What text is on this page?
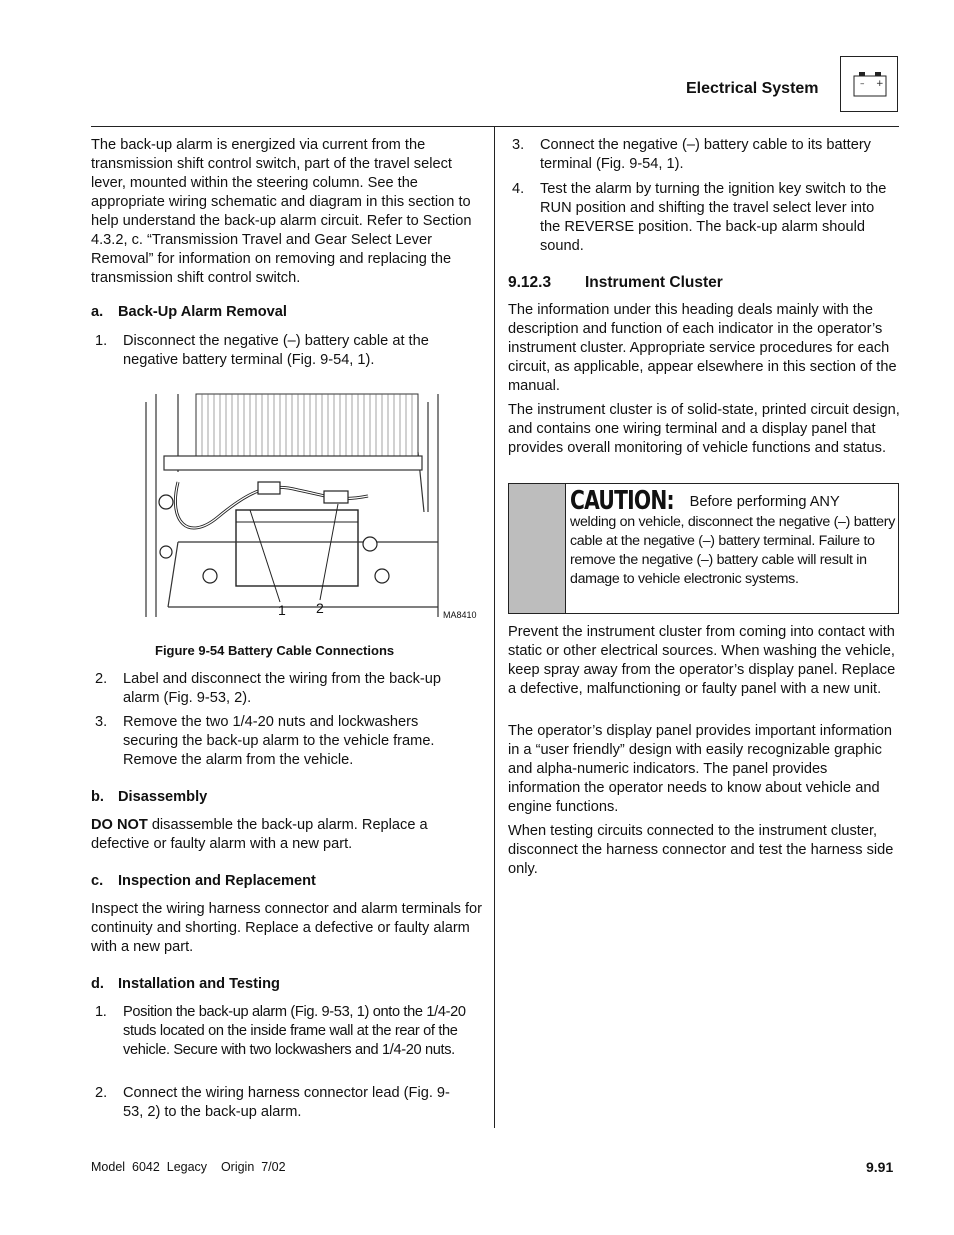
Electrical System	– +

The back-up alarm is energized via current from the transmission shift control switch, part of the travel select lever, mounted within the steering column. See the appropriate wiring schematic and diagram in this section to help understand the back-up alarm circuit. Refer to Section 4.3.2, c. “Transmission Travel and Gear Select Lever Removal” for information on removing and replacing the transmission shift control switch.

a. Back-Up Alarm Removal
1.	Disconnect the negative (–) battery cable at the negative battery terminal (Fig. 9-54, 1).
1 2	MA8410
Figure 9-54 Battery Cable Connections
2.	Label and disconnect the wiring from the back-up alarm (Fig. 9-53, 2).
3.	Remove the two 1/4-20 nuts and lockwashers securing the back-up alarm to the vehicle frame. Remove the alarm from the vehicle.
b. Disassembly

DO NOT disassemble the back-up alarm. Replace a defective or faulty alarm with a new part.

c. Inspection and Replacement

Inspect the wiring harness connector and alarm terminals for continuity and shorting. Replace a defective or faulty alarm with a new part.

d. Installation and Testing
1.	Position the back-up alarm (Fig. 9-53, 1) onto the 1/4-20 studs located on the inside frame wall at the rear of the vehicle. Secure with two lockwashers and 1/4-20 nuts.
2.	Connect the wiring harness connector lead (Fig. 9-53, 2) to the back-up alarm.
3.	Connect the negative (–) battery cable to its battery terminal (Fig. 9-54, 1).
4.	Test the alarm by turning the ignition key switch to the RUN position and shifting the travel select lever into the REVERSE position. The back-up alarm should sound.
9.12.3 Instrument Cluster

The information under this heading deals mainly with the description and function of each indicator in the operator’s instrument cluster. Appropriate service procedures for each circuit, as applicable, appear elsewhere in this section of the manual.

The instrument cluster is of solid-state, printed circuit design, and contains one wiring terminal and a display panel that provides overall monitoring of vehicle functions and status.

CAUTION: Before performing ANY
welding on vehicle, disconnect the negative (–) battery cable at the negative (–) battery terminal. Failure to remove the negative (–) battery cable will result in damage to vehicle electronic systems.

Prevent the instrument cluster from coming into contact with static or other electrical sources. When washing the vehicle, keep spray away from the operator’s display panel. Replace a defective, malfunctioning or faulty panel with a new unit.

The operator’s display panel provides important information in a “user friendly” design with easily recognizable graphic and alpha-numeric indicators. The panel provides information the operator needs to know about vehicle and engine functions.

When testing circuits connected to the instrument cluster, disconnect the harness connector and test the harness side only.

Model  6042  Legacy    Origin  7/02	9.91
